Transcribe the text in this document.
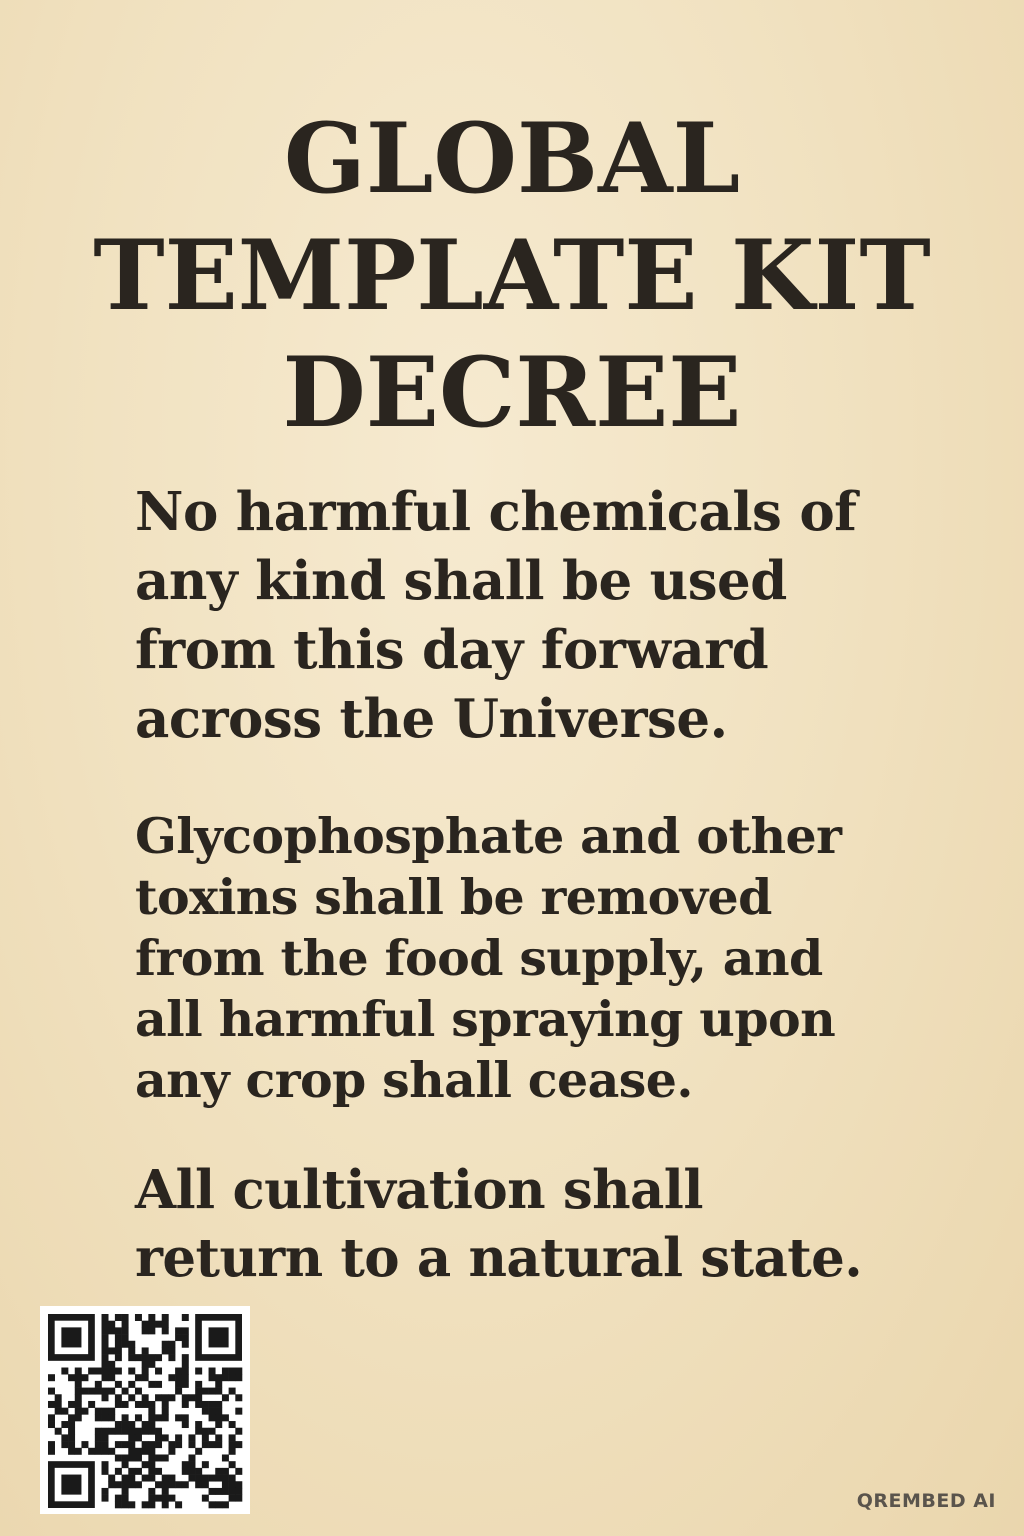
GLOBAL
TEMPLATE KIT
DECREE

No harmful chemicals of any kind shall be used from this day forward across the Universe.

Glycophosphate and other toxins shall be removed from the food supply, and all harmful spraying upon any crop shall cease.

All cultivation shall return to a natural state.

QREMBED AI
